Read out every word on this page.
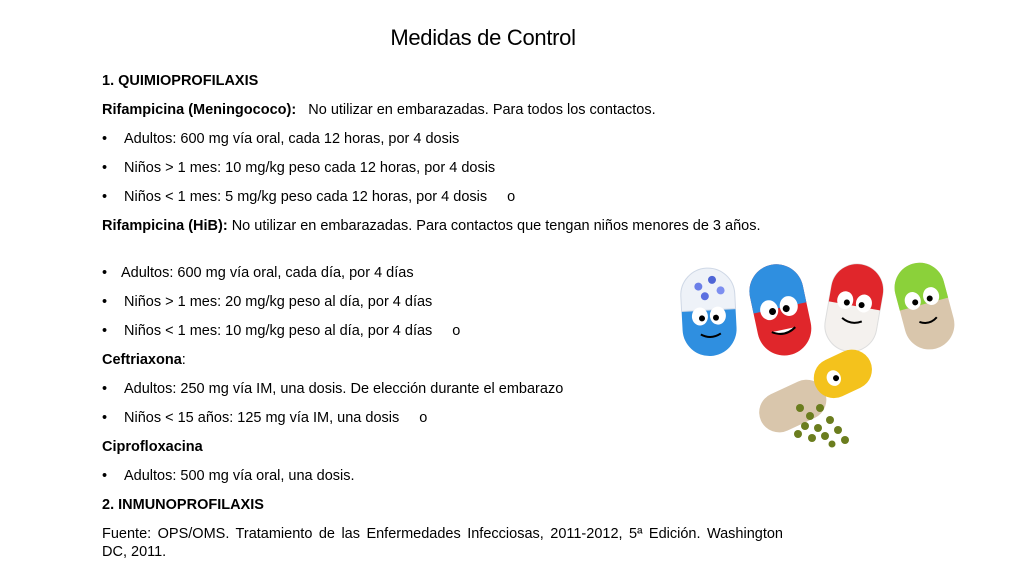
Medidas de Control
1. QUIMIOPROFILAXIS
Rifampicina (Meningococo): No utilizar en embarazadas. Para todos los contactos.
• Adultos: 600 mg vía oral, cada 12 horas, por 4 dosis
• Niños > 1 mes: 10 mg/kg peso cada 12 horas, por 4 dosis
• Niños < 1 mes: 5 mg/kg peso cada 12 horas, por 4 dosis o
Rifampicina (HiB): No utilizar en embarazadas. Para contactos que tengan niños menores de 3 años.
• Adultos: 600 mg vía oral, cada día, por 4 días
• Niños > 1 mes: 20 mg/kg peso al día, por 4 días
• Niños < 1 mes: 10 mg/kg peso al día, por 4 días o
Ceftriaxona:
• Adultos: 250 mg vía IM, una dosis. De elección durante el embarazo
• Niños < 15 años: 125 mg vía IM, una dosis o
Ciprofloxacina
• Adultos: 500 mg vía oral, una dosis.
2. INMUNOPROFILAXIS
Fuente: OPS/OMS. Tratamiento de las Enfermedades Infecciosas, 2011-2012, 5ª Edición. Washington DC, 2011.
